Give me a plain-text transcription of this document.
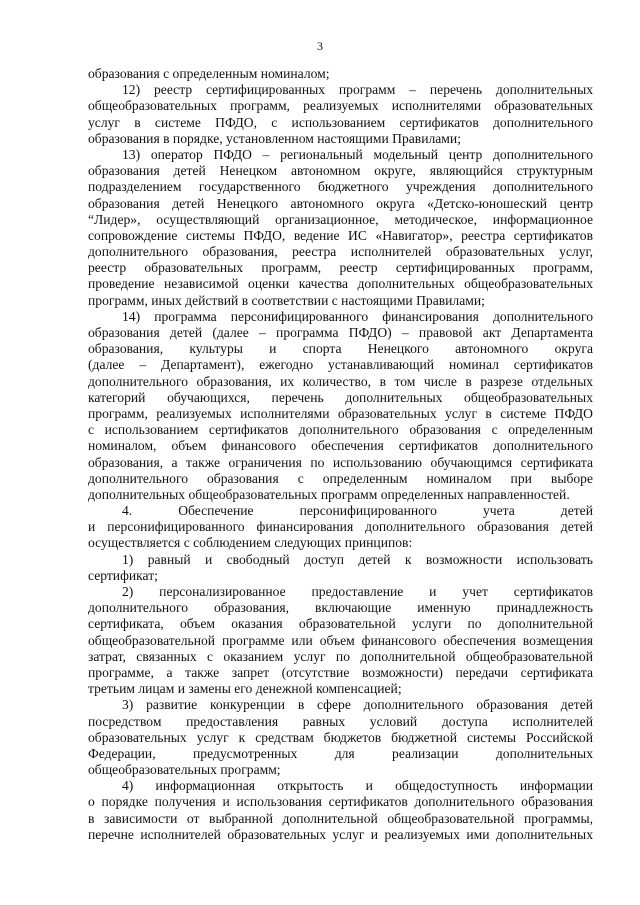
3
образования с определенным номиналом;
12) реестр сертифицированных программ – перечень дополнительных
общеобразовательных программ, реализуемых исполнителями образовательных
услуг в системе ПФДО, с использованием сертификатов дополнительного
образования в порядке, установленном настоящими Правилами;
13) оператор ПФДО – региональный модельный центр дополнительного
образования детей Ненецком автономном округе, являющийся структурным
подразделением государственного бюджетного учреждения дополнительного
образования детей Ненецкого автономного округа «Детско-юношеский центр
“Лидер», осуществляющий организационное, методическое, информационное
сопровождение системы ПФДО, ведение ИС «Навигатор», реестра сертификатов
дополнительного образования, реестра исполнителей образовательных услуг,
реестр образовательных программ, реестр сертифицированных программ,
проведение независимой оценки качества дополнительных общеобразовательных
программ, иных действий в соответствии с настоящими Правилами;
14) программа персонифицированного финансирования дополнительного
образования детей (далее – программа ПФДО) – правовой акт Департамента
образования, культуры и спорта Ненецкого автономного округа
(далее – Департамент), ежегодно устанавливающий номинал сертификатов
дополнительного образования, их количество, в том числе в разрезе отдельных
категорий обучающихся, перечень дополнительных общеобразовательных
программ, реализуемых исполнителями образовательных услуг в системе ПФДО
с использованием сертификатов дополнительного образования с определенным
номиналом, объем финансового обеспечения сертификатов дополнительного
образования, а также ограничения по использованию обучающимся сертификата
дополнительного образования с определенным номиналом при выборе
дополнительных общеобразовательных программ определенных направленностей.
4. Обеспечение персонифицированного учета детей
и персонифицированного финансирования дополнительного образования детей
осуществляется с соблюдением следующих принципов:
1) равный и свободный доступ детей к возможности использовать
сертификат;
2) персонализированное предоставление и учет сертификатов
дополнительного образования, включающие именную принадлежность
сертификата, объем оказания образовательной услуги по дополнительной
общеобразовательной программе или объем финансового обеспечения возмещения
затрат, связанных с оказанием услуг по дополнительной общеобразовательной
программе, а также запрет (отсутствие возможности) передачи сертификата
третьим лицам и замены его денежной компенсацией;
3) развитие конкуренции в сфере дополнительного образования детей
посредством предоставления равных условий доступа исполнителей
образовательных услуг к средствам бюджетов бюджетной системы Российской
Федерации, предусмотренных для реализации дополнительных
общеобразовательных программ;
4) информационная открытость и общедоступность информации
о порядке получения и использования сертификатов дополнительного образования
в зависимости от выбранной дополнительной общеобразовательной программы,
перечне исполнителей образовательных услуг и реализуемых ими дополнительных
